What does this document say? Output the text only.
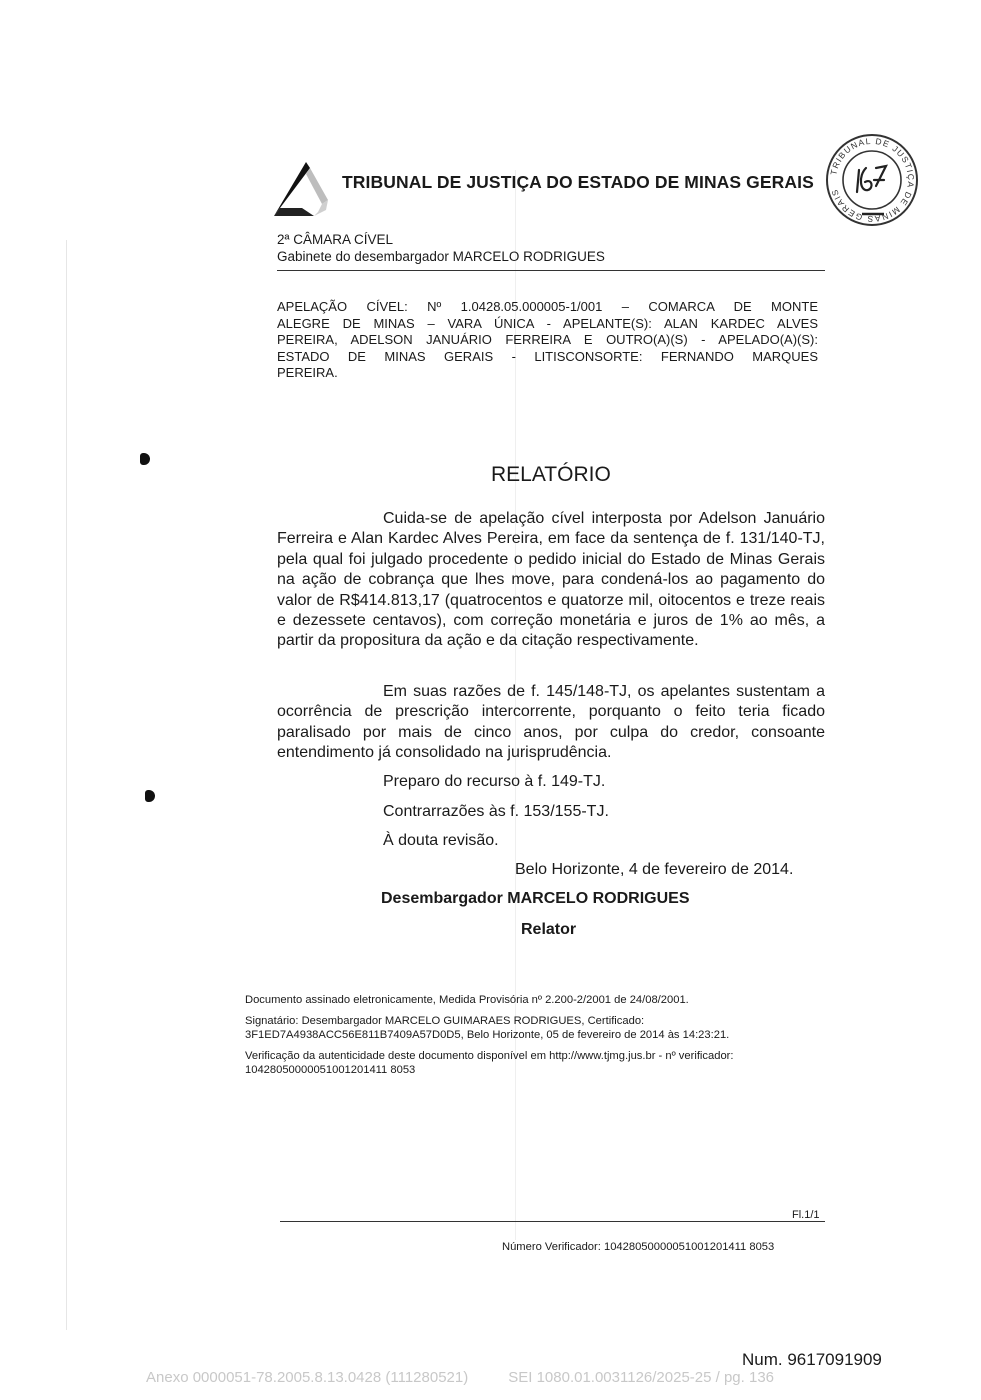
TRIBUNAL DE JUSTIÇA DO ESTADO DE MINAS GERAIS
TRIBUNAL DE JUSTIÇA DE MINAS GERAIS
2ª CÂMARA CÍVEL
Gabinete do desembargador MARCELO RODRIGUES

APELAÇÃO CÍVEL: Nº 1.0428.05.000005-1/001 – COMARCA DE MONTE

ALEGRE DE MINAS – VARA ÚNICA - APELANTE(S): ALAN KARDEC ALVES

PEREIRA, ADELSON JANUÁRIO FERREIRA E OUTRO(A)(S) - APELADO(A)(S):

ESTADO DE MINAS GERAIS - LITISCONSORTE: FERNANDO MARQUES

PEREIRA.

RELATÓRIO

Cuida-se de apelação cível interposta por Adelson Januário Ferreira e Alan Kardec Alves Pereira, em face da sentença de f. 131/140-TJ, pela qual foi julgado procedente o pedido inicial do Estado de Minas Gerais na ação de cobrança que lhes move, para condená-los ao pagamento do valor de R$414.813,17 (quatrocentos e quatorze mil, oitocentos e treze reais e dezessete centavos), com correção monetária e juros de 1% ao mês, a partir da propositura da ação e da citação respectivamente.

Em suas razões de f. 145/148-TJ, os apelantes sustentam a ocorrência de prescrição intercorrente, porquanto o feito teria ficado paralisado por mais de cinco anos, por culpa do credor, consoante entendimento já consolidado na jurisprudência.

Preparo do recurso à f. 149-TJ.
Contrarrazões às f. 153/155-TJ.
À douta revisão.
Belo Horizonte, 4 de fevereiro de 2014.
Desembargador MARCELO RODRIGUES
Relator

Documento assinado eletronicamente, Medida Provisória nº 2.200-2/2001 de 24/08/2001.

Signatário: Desembargador MARCELO GUIMARAES RODRIGUES, Certificado:

3F1ED7A4938ACC56E811B7409A57D0D5, Belo Horizonte, 05 de fevereiro de 2014 às 14:23:21.

Verificação da autenticidade deste documento disponível em http://www.tjmg.jus.br - nº verificador:

10428050000051001201411 8053

Fl.1/1
Número Verificador: 10428050000051001201411 8053
Num. 9617091909
Anexo 0000051-78.2005.8.13.0428 (111280521)	SEI 1080.01.0031126/2025-25 / pg. 136
